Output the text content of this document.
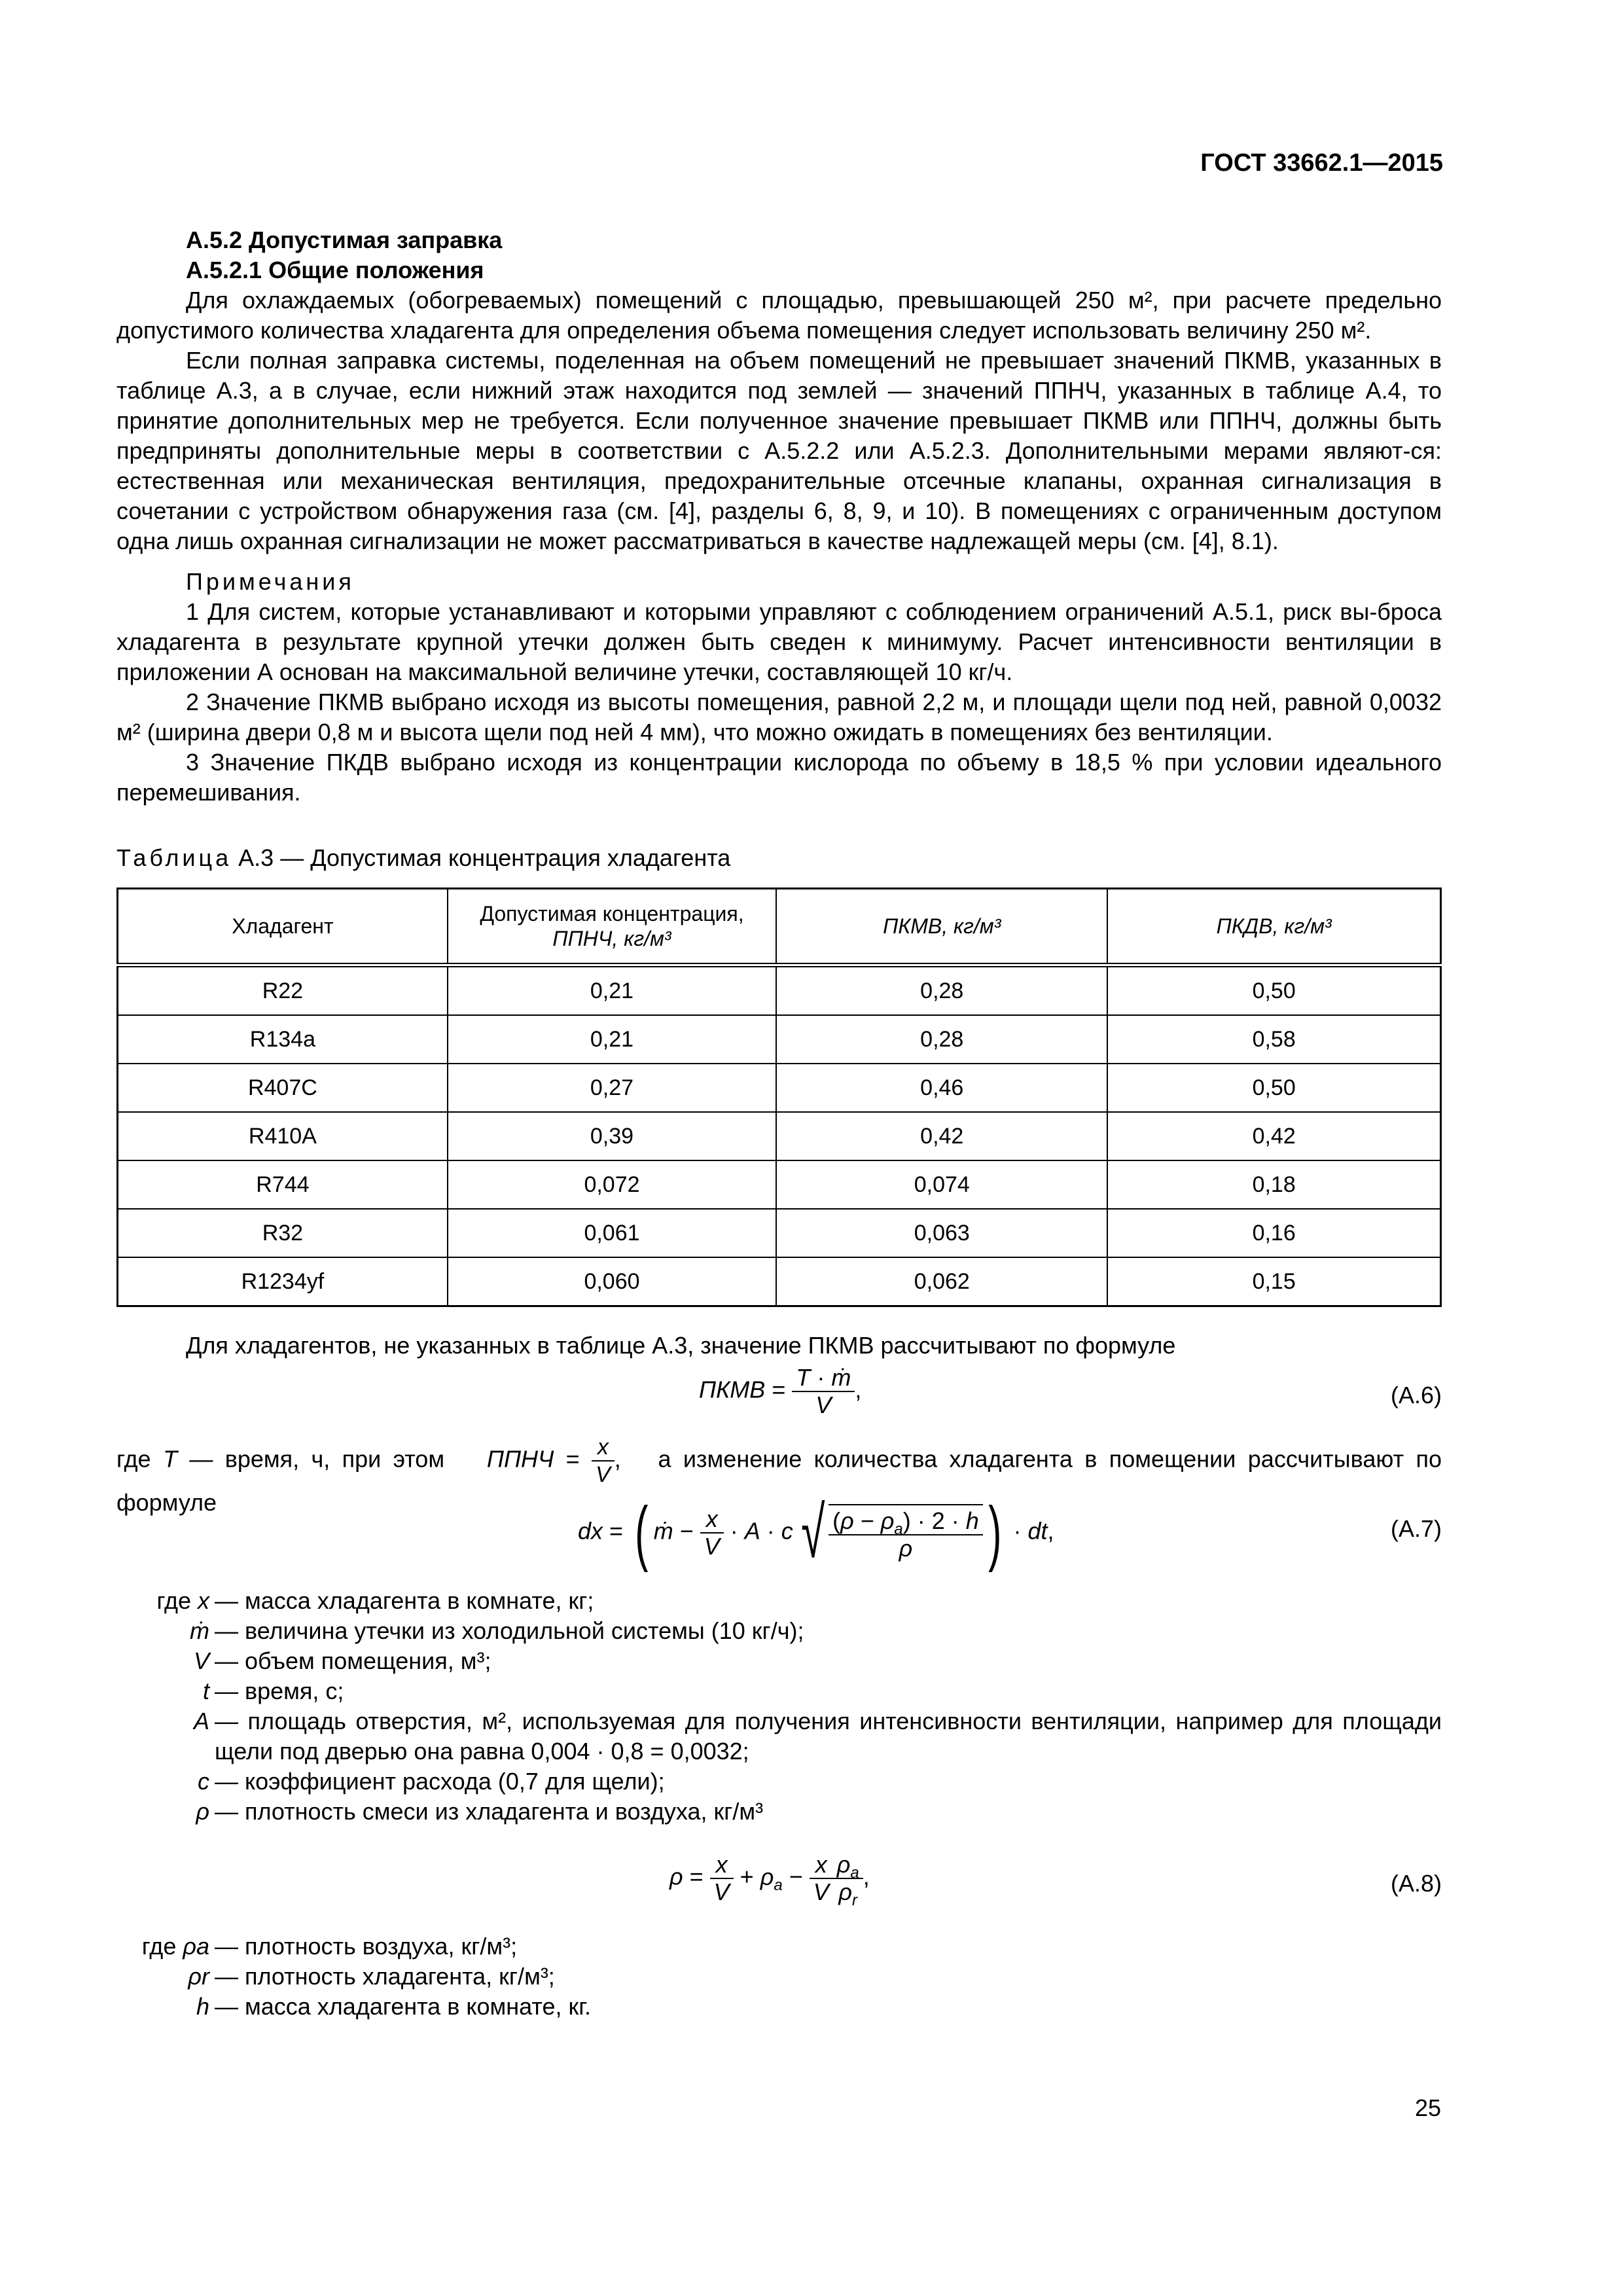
ГОСТ 33662.1—2015
А.5.2 Допустимая заправка
А.5.2.1 Общие положения

Для охлаждаемых (обогреваемых) помещений с площадью, превышающей 250 м², при расчете предельно допустимого количества хладагента для определения объема помещения следует использовать величину 250 м².

Если полная заправка системы, поделенная на объем помещений не превышает значений ПКМВ, указанных в таблице А.3, а в случае, если нижний этаж находится под землей — значений ППНЧ, указанных в таблице А.4, то принятие дополнительных мер не требуется. Если полученное значение превышает ПКМВ или ППНЧ, должны быть предприняты дополнительные меры в соответствии с А.5.2.2 или А.5.2.3. Дополнительными мерами являют-ся: естественная или механическая вентиляция, предохранительные отсечные клапаны, охранная сигнализация в сочетании с устройством обнаружения газа (см. [4], разделы 6, 8, 9, и 10). В помещениях с ограниченным доступом одна лишь охранная сигнализации не может рассматриваться в качестве надлежащей меры (см. [4], 8.1).

Примечания

1 Для систем, которые устанавливают и которыми управляют с соблюдением ограничений А.5.1, риск вы-броса хладагента в результате крупной утечки должен быть сведен к минимуму. Расчет интенсивности вентиляции в приложении А основан на максимальной величине утечки, составляющей 10 кг/ч.

2 Значение ПКМВ выбрано исходя из высоты помещения, равной 2,2 м, и площади щели под ней, равной 0,0032 м² (ширина двери 0,8 м и высота щели под ней 4 мм), что можно ожидать в помещениях без вентиляции.

3 Значение ПКДВ выбрано исходя из концентрации кислорода по объему в 18,5 % при условии идеального перемешивания.

Таблица А.3 — Допустимая концентрация хладагента

Хладагент	Допустимая концентрация,
ППНЧ, кг/м³	ПКМВ, кг/м³	ПКДВ, кг/м³
R22	0,21	0,28	0,50
R134a	0,21	0,28	0,58
R407C	0,27	0,46	0,50
R410A	0,39	0,42	0,42
R744	0,072	0,074	0,18
R32	0,061	0,063	0,16
R1234yf	0,060	0,062	0,15

Для хладагентов, не указанных в таблице А.3, значение ПКМВ рассчитывают по формуле

ПКМВ = $\frac{\text{T · ṁ}}{V}$ ,	(А.6)
где Т — время, ч, при этом ППНЧ = $\frac{x}{V}$ ,  а изменение количества хладагента в помещении рассчитывают по формуле
dx = ( ṁ − $\frac{x}{V} \cdot A \cdot c$ √ $\frac{(\rho - \rho_a) \cdot 2 \cdot h}{\rho}$ ) · dt,	(А.7)
где x — масса хладагента в комнате, кг;
ṁ — величина утечки из холодильной системы (10 кг/ч);
V — объем помещения, м³;
t — время, с;
A — площадь отверстия, м², используемая для получения интенсивности вентиляции, например для площади щели под дверью она равна 0,004 · 0,8 = 0,0032;
c — коэффициент расхода (0,7 для щели);
ρ — плотность смеси из хладагента и воздуха, кг/м³
$\rho = \frac{x}{V} + \rho_a - \frac{x}{V} \frac{\rho_a}{\rho_r}$ ,	(А.8)
где ρa — плотность воздуха, кг/м³;
ρr — плотность хладагента, кг/м³;
h — масса хладагента в комнате, кг.
25
